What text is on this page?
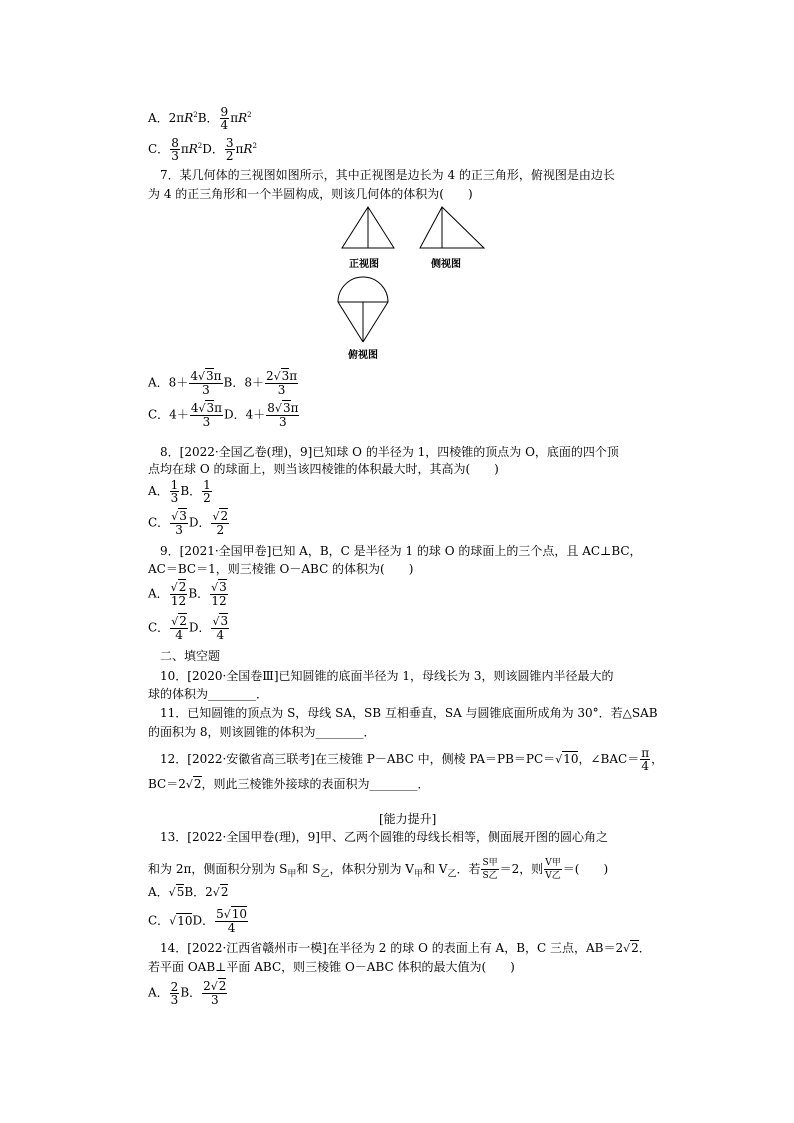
A．$2\pi R^2B$． $\frac{9}{4} \pi R^2$
C． $\frac{8}{3} \pi R^2D$． $\frac{3}{2} \pi R^2$
7．某几何体的三视图如图所示，其中正视图是边长为 4 的正三角形，俯视图是由边长
为 4 的正三角形和一个半圆构成，则该几何体的体积为(　　)
正视图	侧视图
俯视图
A．$8+ \frac{4√3\pi}{3}$ B．$8+ \frac{2√3\pi}{3}$
C．$4+ \frac{4√3\pi}{3}$ D．$4+ \frac{8√3\pi}{3}$
8．[2022·全国乙卷(理)，9]已知球 O 的半径为 1，四棱锥的顶点为 O，底面的四个顶
点均在球 O 的球面上，则当该四棱锥的体积最大时，其高为(　　)
A． $\frac{1}{3}$ B． $\frac{1}{2}$
C． $\frac{√3}{3}$ D． $\frac{√2}{2}$
9．[2021·全国甲卷]已知 A，B，C 是半径为 1 的球 O 的球面上的三个点，且 AC⊥BC，
AC＝BC＝1，则三棱锥 O－ABC 的体积为(　　)
A． $\frac{√2}{12}$ B． $\frac{√3}{12}$
C． $\frac{√2}{4}$ D． $\frac{√3}{4}$
二、填空题
10．[2020·全国卷Ⅲ]已知圆锥的底面半径为 1，母线长为 3，则该圆锥内半径最大的
球的体积为________．
11．已知圆锥的顶点为 S，母线 SA，SB 互相垂直，SA 与圆锥底面所成角为 30°．若△SAB
的面积为 8，则该圆锥的体积为________．
12．[2022·安徽省高三联考]在三棱锥 P－ABC 中，侧棱 PA＝PB＝PC＝√10，∠BAC＝ $\frac{\pi}{4}$ ，
BC＝2√2，则此三棱锥外接球的表面积为________．
[能力提升]
13．[2022·全国甲卷(理)，9]甲、乙两个圆锥的母线长相等，侧面展开图的圆心角之
和为 2π，侧面积分别为 $S_甲$和 $S_乙$，体积分别为 $V_甲$和 $V_乙$．若 $\frac{\text{S甲}}{\text{S乙}} =2$，则 $\frac{\text{V甲}}{\text{V乙}}$ ＝(　　)
A．√5B．2√2
C．√10D． $\frac{5√10}{4}$
14．[2022·江西省赣州市一模]在半径为 2 的球 O 的表面上有 A，B，C 三点，AB＝2√2．
若平面 OAB⊥平面 ABC，则三棱锥 O－ABC 体积的最大值为(　　)
A． $\frac{2}{3}$ B． $\frac{2√2}{3}$
